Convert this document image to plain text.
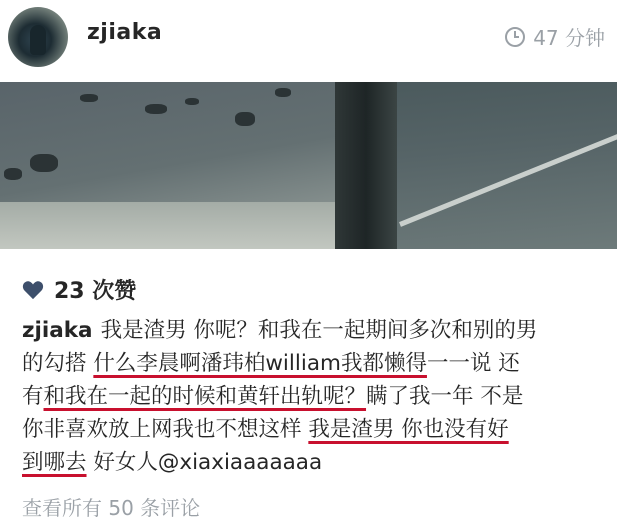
zjiaka	47 分钟
23 次赞
zjiaka 我是渣男 你呢？和我在一起期间多次和别的男
的勾搭 什么李晨啊潘玮柏william我都懒得一一说 还
有和我在一起的时候和黄轩出轨呢？瞒了我一年 不是
你非喜欢放上网我也不想这样 我是渣男 你也没有好
到哪去 好女人@xiaxiaaaaaaa
查看所有 50 条评论
